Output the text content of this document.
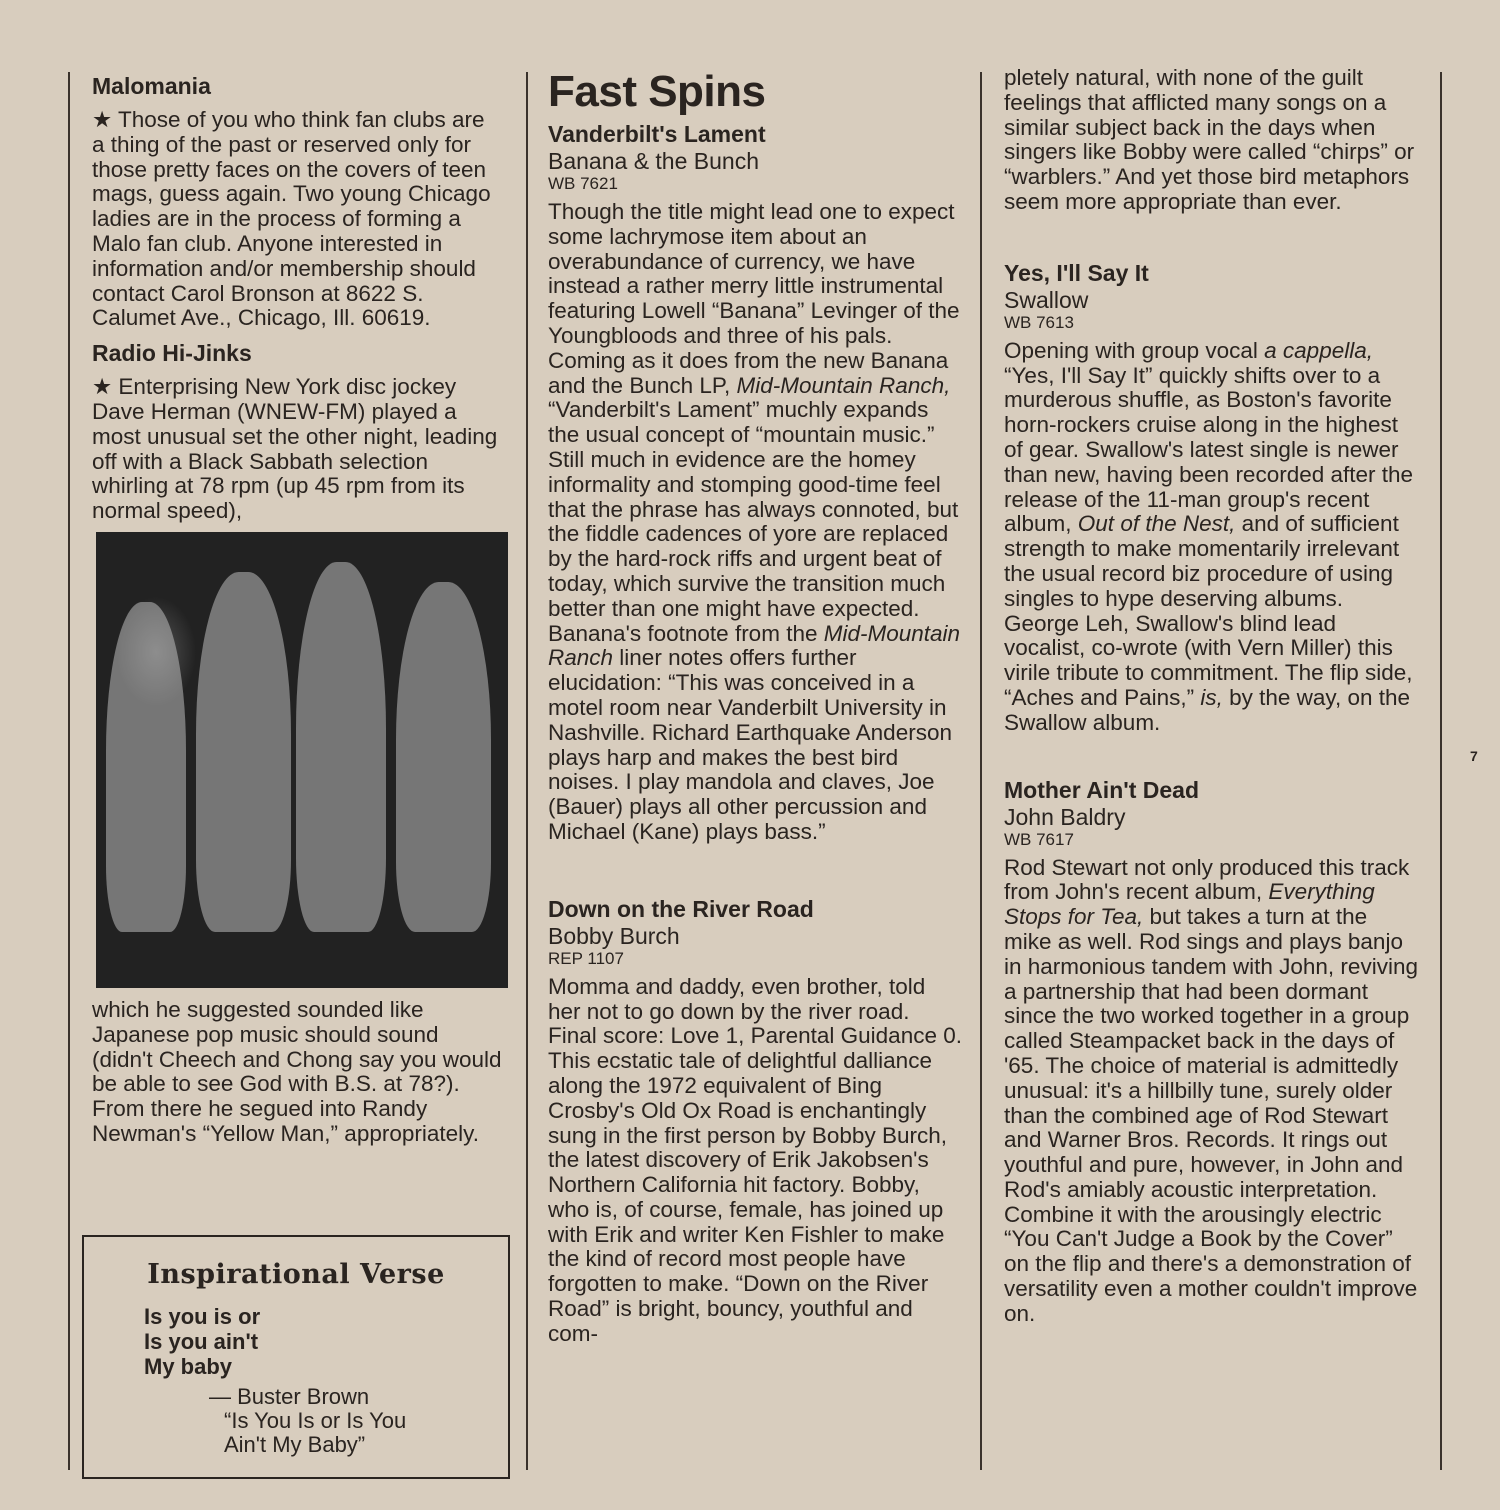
Malomania

★ Those of you who think fan clubs are a thing of the past or reserved only for those pretty faces on the covers of teen mags, guess again. Two young Chicago ladies are in the process of forming a Malo fan club. Anyone interested in information and/or membership should contact Carol Bronson at 8622 S. Calumet Ave., Chicago, Ill. 60619.

Radio Hi-Jinks

★ Enterprising New York disc jockey Dave Herman (WNEW-FM) played a most unusual set the other night, leading off with a Black Sabbath selection whirling at 78 rpm (up 45 rpm from its normal speed),

which he suggested sounded like Japanese pop music should sound (didn't Cheech and Chong say you would be able to see God with B.S. at 78?). From there he segued into Randy Newman's “Yellow Man,” appropriately.

Inspirational Verse
Is you is or
Is you ain't
My baby
— Buster Brown
“Is You Is or Is You
Ain't My Baby”
Fast Spins
Vanderbilt's Lament

Banana & the Bunch

WB 7621

Though the title might lead one to expect some lachrymose item about an overabundance of currency, we have instead a rather merry little instrumental featuring Lowell “Banana” Levinger of the Youngbloods and three of his pals. Coming as it does from the new Banana and the Bunch LP, Mid-Mountain Ranch, “Vanderbilt's Lament” muchly expands the usual concept of “mountain music.” Still much in evidence are the homey informality and stomping good-time feel that the phrase has always connoted, but the fiddle cadences of yore are replaced by the hard-rock riffs and urgent beat of today, which survive the transition much better than one might have expected. Banana's footnote from the Mid-Mountain Ranch liner notes offers further elucidation: “This was conceived in a motel room near Vanderbilt University in Nashville. Richard Earthquake Anderson plays harp and makes the best bird noises. I play mandola and claves, Joe (Bauer) plays all other percussion and Michael (Kane) plays bass.”

Down on the River Road

Bobby Burch

REP 1107

Momma and daddy, even brother, told her not to go down by the river road. Final score: Love 1, Parental Guidance 0. This ecstatic tale of delightful dalliance along the 1972 equivalent of Bing Crosby's Old Ox Road is enchantingly sung in the first person by Bobby Burch, the latest discovery of Erik Jakobsen's Northern California hit factory. Bobby, who is, of course, female, has joined up with Erik and writer Ken Fishler to make the kind of record most people have forgotten to make. “Down on the River Road” is bright, bouncy, youthful and com-

pletely natural, with none of the guilt feelings that afflicted many songs on a similar subject back in the days when singers like Bobby were called “chirps” or “warblers.” And yet those bird metaphors seem more appropriate than ever.

Yes, I'll Say It

Swallow

WB 7613

Opening with group vocal a cappella, “Yes, I'll Say It” quickly shifts over to a murderous shuffle, as Boston's favorite horn-rockers cruise along in the highest of gear. Swallow's latest single is newer than new, having been recorded after the release of the 11-man group's recent album, Out of the Nest, and of sufficient strength to make momentarily irrelevant the usual record biz procedure of using singles to hype deserving albums. George Leh, Swallow's blind lead vocalist, co-wrote (with Vern Miller) this virile tribute to commitment. The flip side, “Aches and Pains,” is, by the way, on the Swallow album.

Mother Ain't Dead

John Baldry

WB 7617

Rod Stewart not only produced this track from John's recent album, Everything Stops for Tea, but takes a turn at the mike as well. Rod sings and plays banjo in harmonious tandem with John, reviving a partnership that had been dormant since the two worked together in a group called Steampacket back in the days of '65. The choice of material is admittedly unusual: it's a hillbilly tune, surely older than the combined age of Rod Stewart and Warner Bros. Records. It rings out youthful and pure, however, in John and Rod's amiably acoustic interpretation. Combine it with the arousingly electric “You Can't Judge a Book by the Cover” on the flip and there's a demonstration of versatility even a mother couldn't improve on.

7
